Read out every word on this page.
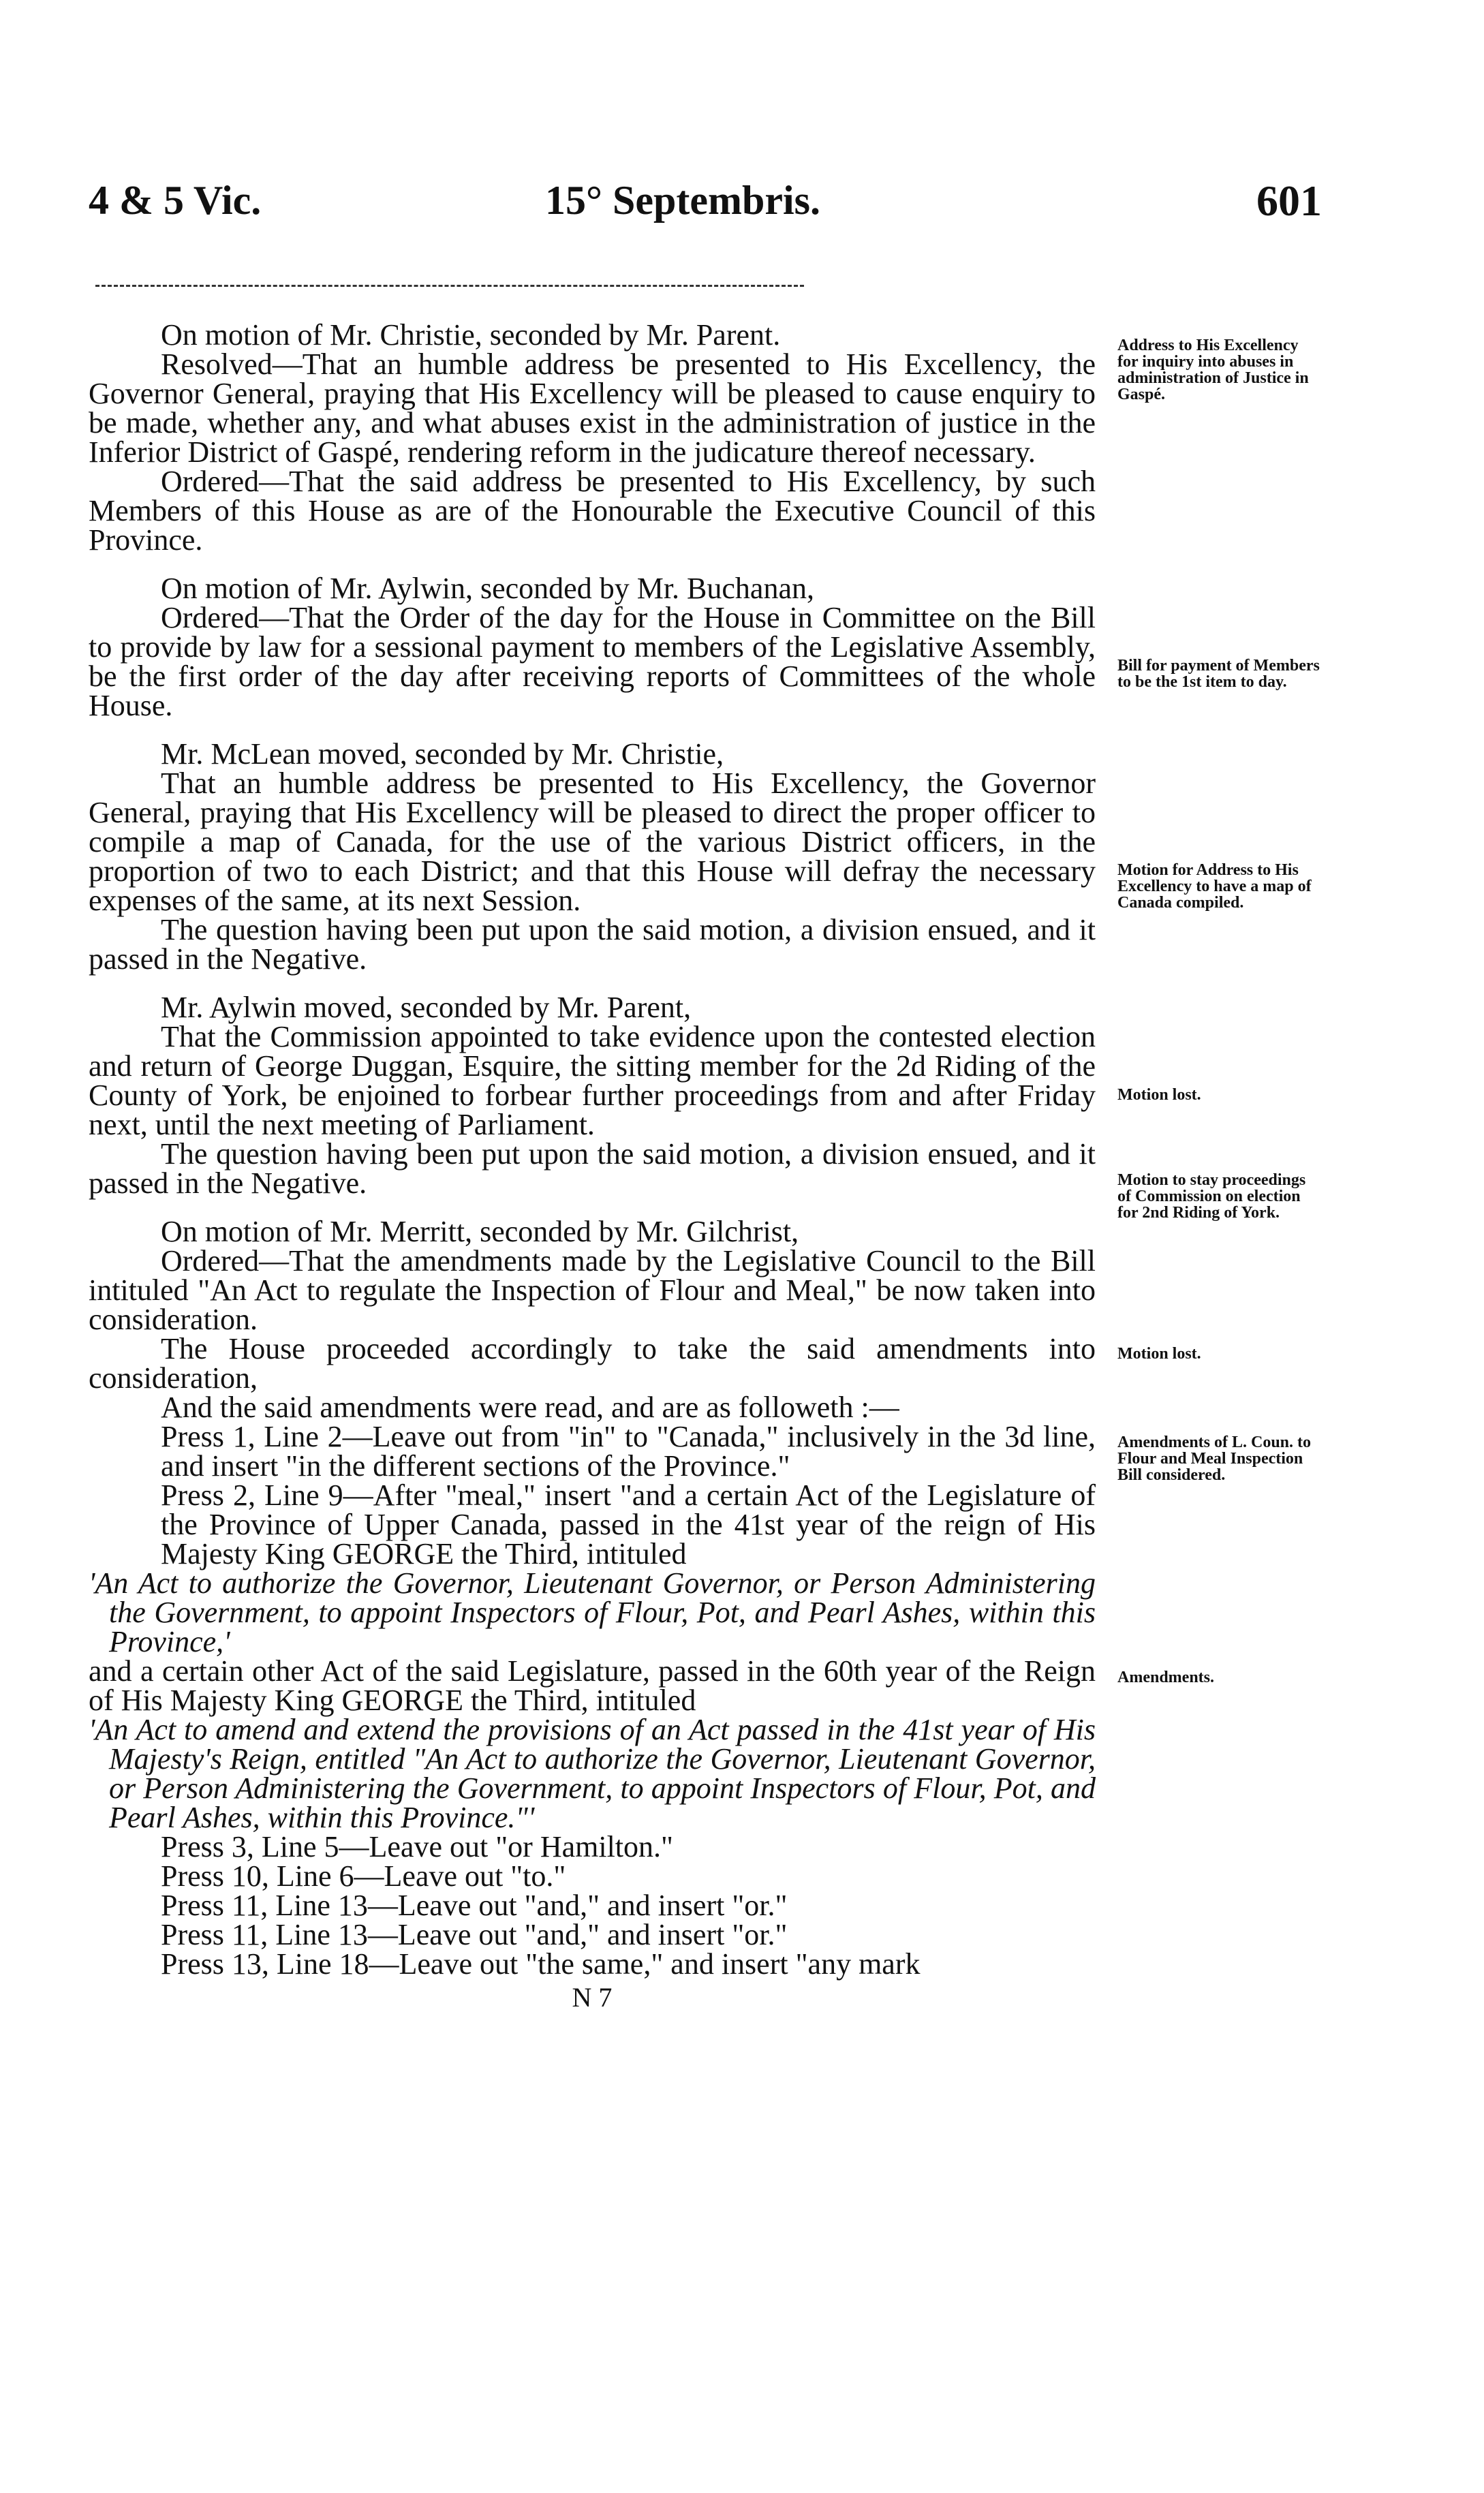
4 & 5 Vic.	15° Septembris.	601

On motion of Mr. Christie, seconded by Mr. Parent.

Resolved—That an humble address be presented to His Excellency, the Governor General, praying that His Excellency will be pleased to cause enquiry to be made, whether any, and what abuses exist in the administration of justice in the Inferior District of Gaspé, rendering reform in the judicature thereof necessary.

Ordered—That the said address be presented to His Excellency, by such Members of this House as are of the Honourable the Executive Council of this Province.

On motion of Mr. Aylwin, seconded by Mr. Buchanan,

Ordered—That the Order of the day for the House in Committee on the Bill to provide by law for a sessional payment to members of the Legislative Assembly, be the first order of the day after receiving reports of Committees of the whole House.

Mr. McLean moved, seconded by Mr. Christie,

That an humble address be presented to His Excellency, the Governor General, praying that His Excellency will be pleased to direct the proper officer to compile a map of Canada, for the use of the various District officers, in the proportion of two to each District; and that this House will defray the necessary expenses of the same, at its next Session.

The question having been put upon the said motion, a division ensued, and it passed in the Negative.

Mr. Aylwin moved, seconded by Mr. Parent,

That the Commission appointed to take evidence upon the contested election and return of George Duggan, Esquire, the sitting member for the 2d Riding of the County of York, be enjoined to forbear further proceedings from and after Friday next, until the next meeting of Parliament.

The question having been put upon the said motion, a division ensued, and it passed in the Negative.

On motion of Mr. Merritt, seconded by Mr. Gilchrist,

Ordered—That the amendments made by the Legislative Council to the Bill intituled "An Act to regulate the Inspection of Flour and Meal," be now taken into consideration.

The House proceeded accordingly to take the said amendments into consideration,

And the said amendments were read, and are as followeth :—

Press 1, Line 2—Leave out from "in" to "Canada," inclusively in the 3d line, and insert "in the different sections of the Province."

Press 2, Line 9—After "meal," insert "and a certain Act of the Legislature of the Province of Upper Canada, passed in the 41st year of the reign of His Majesty King GEORGE the Third, intituled

'An Act to authorize the Governor, Lieutenant Governor, or Person Administering the Government, to appoint Inspectors of Flour, Pot, and Pearl Ashes, within this Province,'

and a certain other Act of the said Legislature, passed in the 60th year of the Reign of His Majesty King GEORGE the Third, intituled

'An Act to amend and extend the provisions of an Act passed in the 41st year of His Majesty's Reign, entitled "An Act to authorize the Governor, Lieutenant Governor, or Person Administering the Government, to appoint Inspectors of Flour, Pot, and Pearl Ashes, within this Province."'

Press 3, Line 5—Leave out "or Hamilton."

Press 10, Line 6—Leave out "to."

Press 11, Line 13—Leave out "and," and insert "or."

Press 11, Line 13—Leave out "and," and insert "or."

Press 13, Line 18—Leave out "the same," and insert "any mark

N 7
Address to His Excellency for inquiry into abuses in administration of Justice in Gaspé.
Bill for payment of Members to be the 1st item to day.
Motion for Address to His Excellency to have a map of Canada compiled.
Motion lost.
Motion to stay proceedings of Commission on election for 2nd Riding of York.
Motion lost.
Amendments of L. Coun. to Flour and Meal Inspection Bill considered.
Amendments.
